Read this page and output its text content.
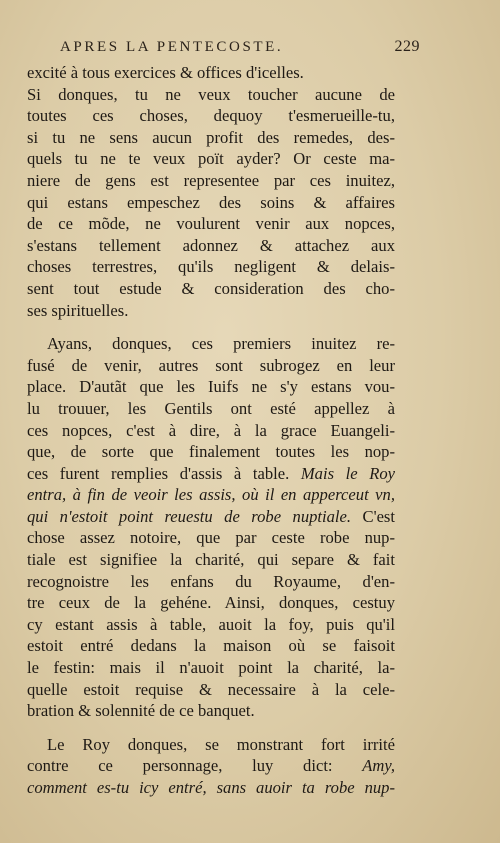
APRES LA PENTECOSTE.	229
excité à tous exercices & offices d'icelles.
Si donques, tu ne veux toucher aucune de
toutes ces choses, dequoy t'esmerueille-tu,
si tu ne sens aucun profit des remedes, des-
quels tu ne te veux poït ayder? Or ceste ma-
niere de gens est representee par ces inuitez,
qui estans empeschez des soins & affaires
de ce mõde, ne voulurent venir aux nopces,
s'estans tellement adonnez & attachez aux
choses terrestres, qu'ils negligent & delais-
sent tout estude & consideration des cho-
ses spirituelles.
Ayans, donques, ces premiers inuitez re-
fusé de venir, autres sont subrogez en leur
place. D'autãt que les Iuifs ne s'y estans vou-
lu trouuer, les Gentils ont esté appellez à
ces nopces, c'est à dire, à la grace Euangeli-
que, de sorte que finalement toutes les nop-
ces furent remplies d'assis à table. Mais le Roy
entra, à fin de veoir les assis, où il en apperceut vn,
qui n'estoit point reuestu de robe nuptiale. C'est
chose assez notoire, que par ceste robe nup-
tiale est signifiee la charité, qui separe & fait
recognoistre les enfans du Royaume, d'en-
tre ceux de la gehéne. Ainsi, donques, cestuy
cy estant assis à table, auoit la foy, puis qu'il
estoit entré dedans la maison où se faisoit
le festin: mais il n'auoit point la charité, la-
quelle estoit requise & necessaire à la cele-
bration & solennité de ce banquet.
Le Roy donques, se monstrant fort irrité
contre ce personnage, luy dict: Amy,
comment es-tu icy entré, sans auoir ta robe nup-
